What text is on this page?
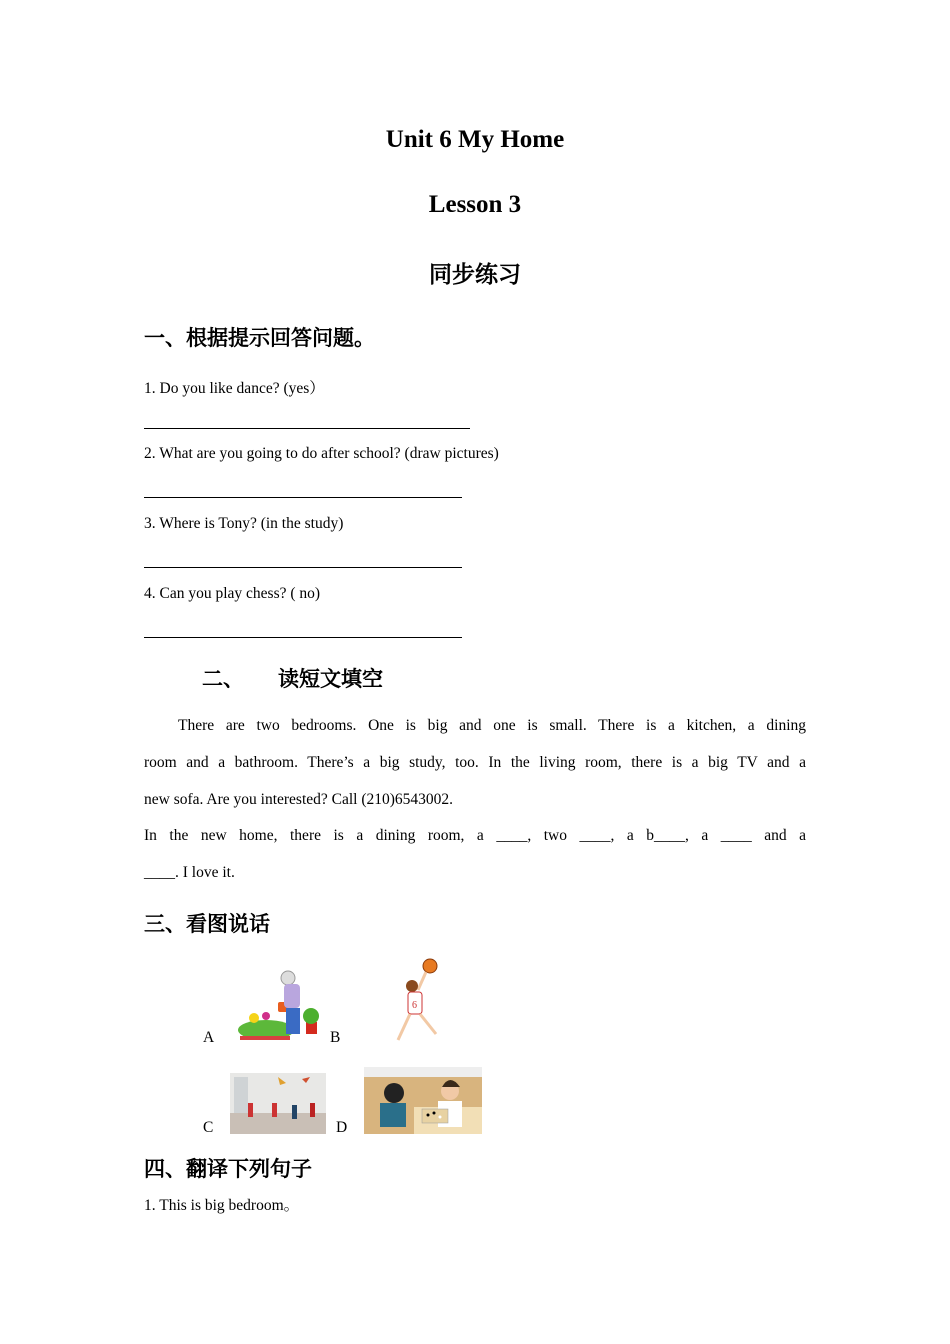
Unit 6 My Home
Lesson 3
同步练习
一、根据提示回答问题。
1. Do you like dance? (yes）
2. What are you going to do after school? (draw pictures)
3. Where is Tony? (in the study)
4. Can you play chess? ( no)
二、 读短文填空
There are two bedrooms. One is big and one is small. There is a kitchen, a dining
room and a bathroom. There’s a big study, too. In the living room, there is a big TV and a
new sofa. Are you interested? Call (210)6543002.
In the new home, there is a dining room, a ____, two ____, a b____, a ____ and a
____. I love it.
三、看图说话
A	B
C	D
6
四、翻译下列句子
1. This is big bedroom。
